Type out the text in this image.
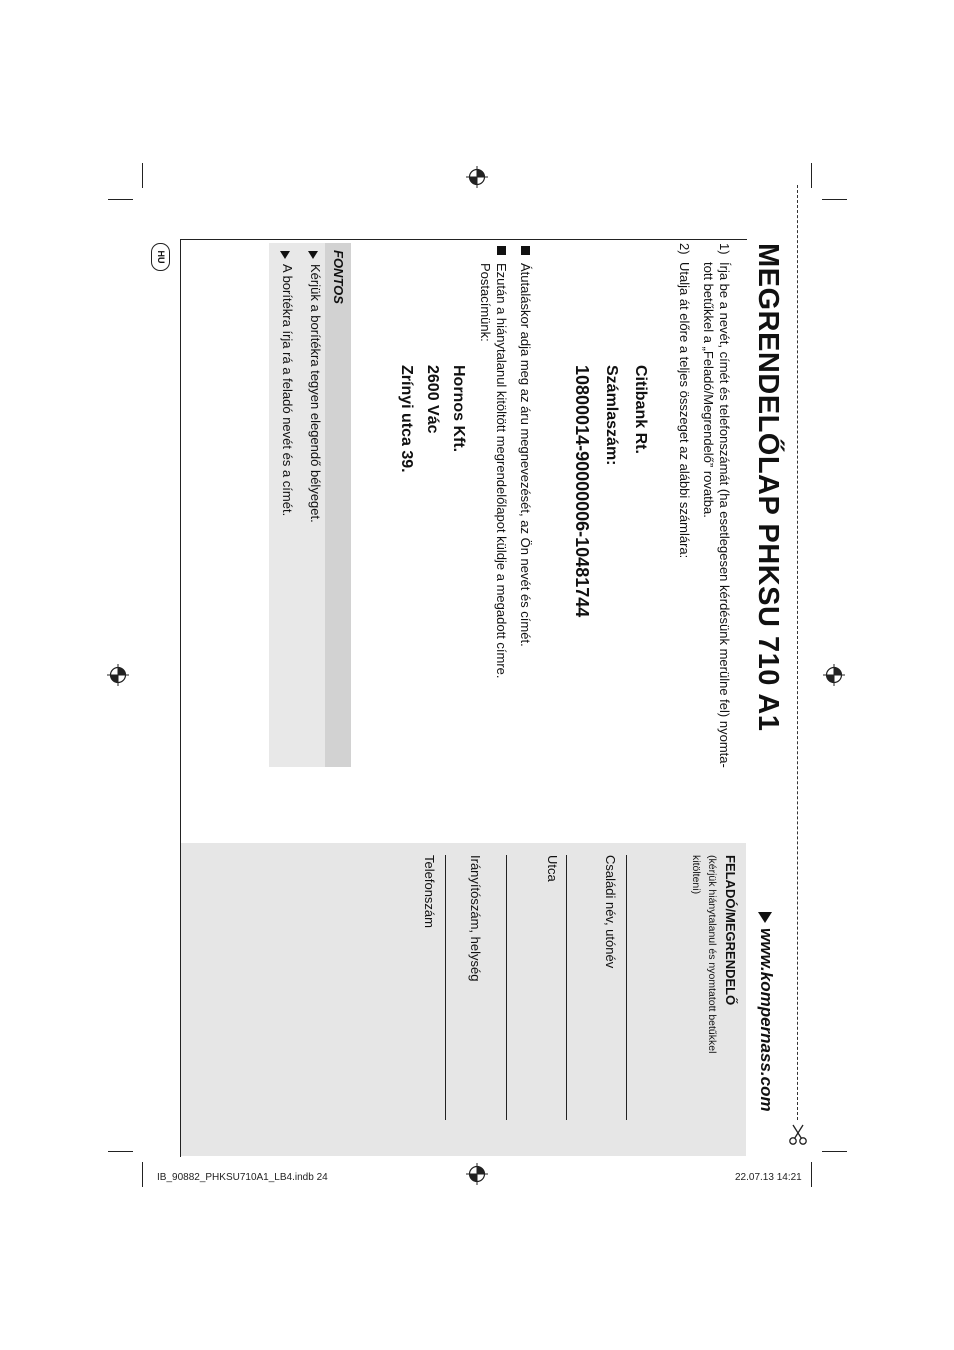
HU	MEGRENDELŐLAP PHKSU 710 A1
1)
Írja be a nevét, címét és telefonszámát (ha esetlegesen kérdésünk merülne fel) nyomta-
tott betűkkel a „Feladó/Megrendelő” rovatba.
2)
Utalja át előre a teljes összeget az alábbi számlára:
Citibank Rt.
Számlaszám:
10800014-90000006-10481744
Átutaláskor adja meg az áru megnevezését, az Ön nevét és címét.
Ezután a hiánytalanul kitöltött megrendelőlapot küldje a megadott címre.
Postacímünk:
Hornos Kft.
2600 Vác
Zrínyi utca 39.
FONTOS
Kérjük a borítékra tegyen elegendő bélyeget.
A borítékra írja rá a feladó nevét és a címét.
www.kompernass.com
FELADÓ/MEGRENDELŐ
(kérjük hiánytalanul és nyomtatott betűkkel
kitölteni)
Családi név, utónév
Utca
Irányítószám, helység
Telefonszám
IB_90882_PHKSU710A1_LB4.indb 24	22.07.13 14:21
